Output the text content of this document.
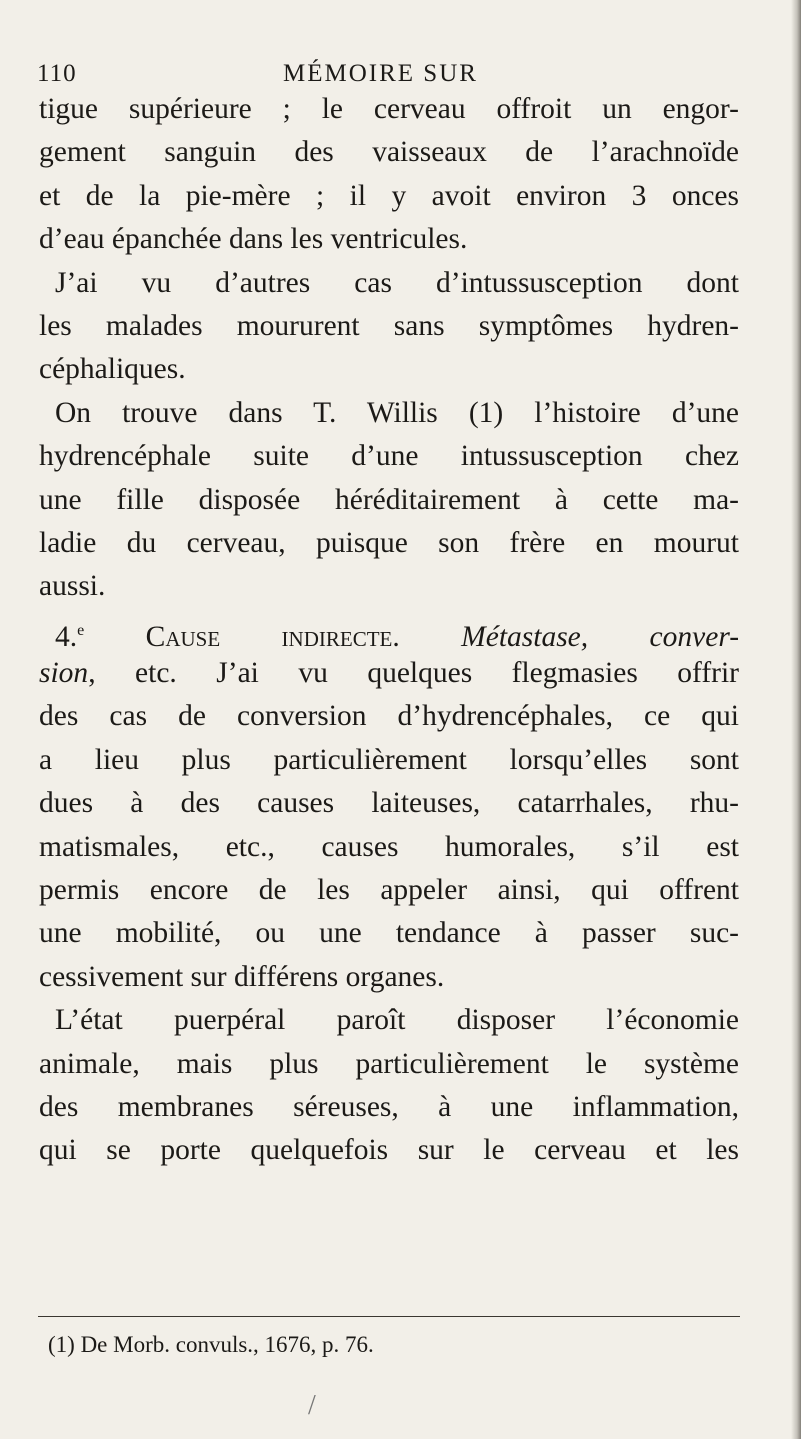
110	MÉMOIRE SUR
tigue supérieure ; le cerveau offroit un engor-
gement sanguin des vaisseaux de l’arachnoïde
et de la pie-mère ; il y avoit environ 3 onces
d’eau épanchée dans les ventricules.
J’ai vu d’autres cas d’intussusception dont
les malades moururent sans symptômes hydren-
céphaliques.
On trouve dans T. Willis (1) l’histoire d’une
hydrencéphale suite d’une intussusception chez
une fille disposée héréditairement à cette ma-
ladie du cerveau, puisque son frère en mourut
aussi.
4.$^e$ Cause indirecte. Métastase, conver-
sion, etc. J’ai vu quelques flegmasies offrir
des cas de conversion d’hydrencéphales, ce qui
a lieu plus particulièrement lorsqu’elles sont
dues à des causes laiteuses, catarrhales, rhu-
matismales, etc., causes humorales, s’il est
permis encore de les appeler ainsi, qui offrent
une mobilité, ou une tendance à passer suc-
cessivement sur différens organes.
L’état puerpéral paroît disposer l’économie
animale, mais plus particulièrement le système
des membranes séreuses, à une inflammation,
qui se porte quelquefois sur le cerveau et les
(1) De Morb. convuls., 1676, p. 76.
/
